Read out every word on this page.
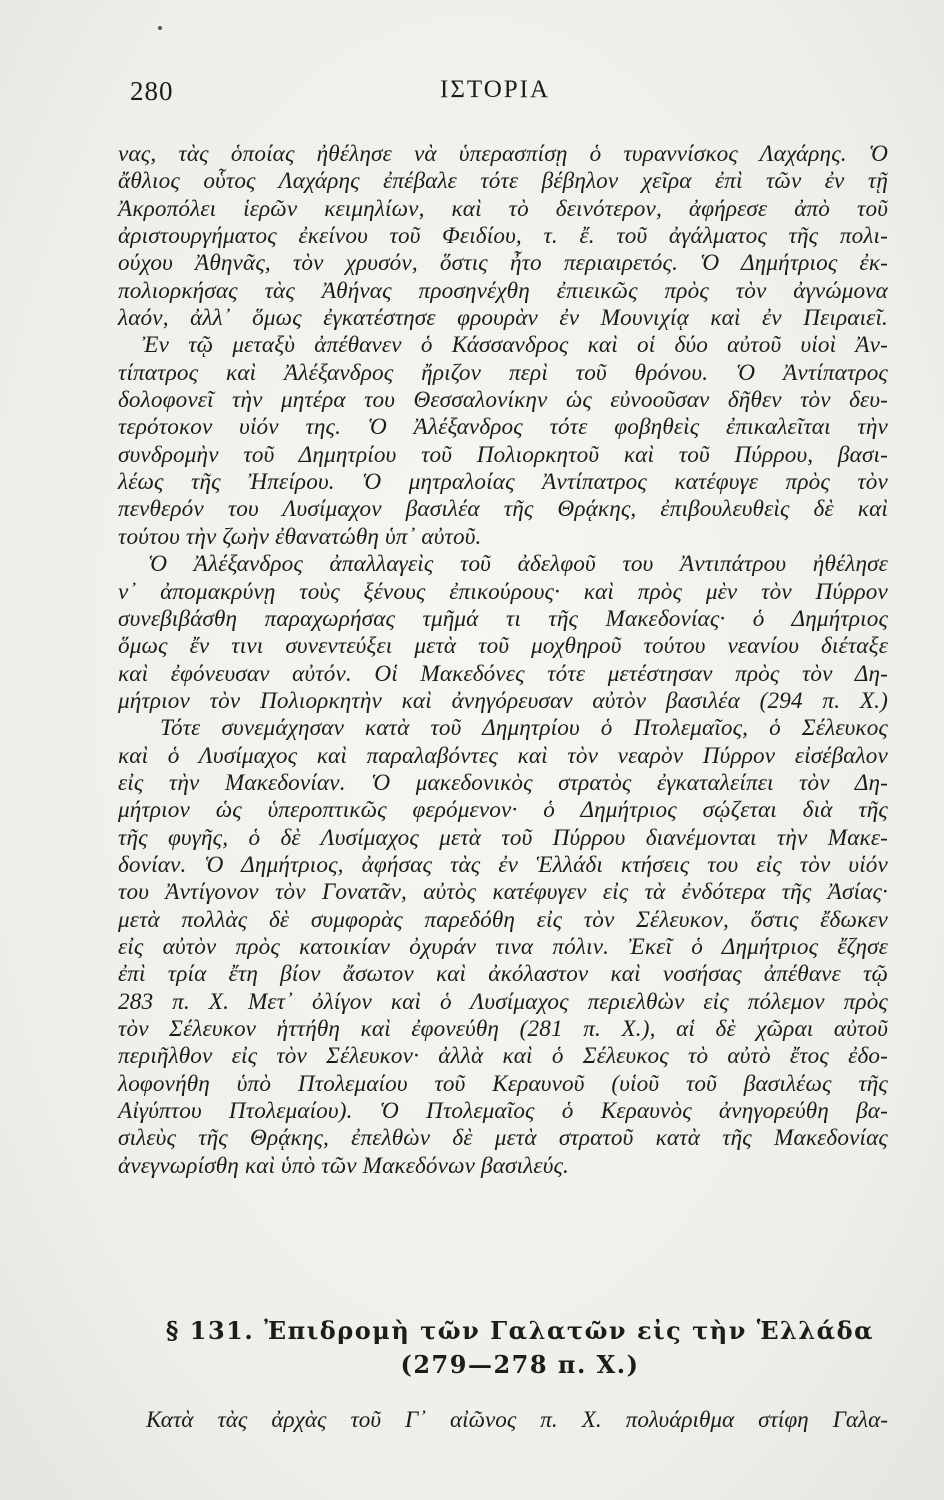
280	ΙΣΤΟΡΙΑ
νας, τὰς ὁποίας ἠθέλησε νὰ ὑπερασπίσῃ ὁ τυραννίσκος Λαχάρης. Ὁ
ἄθλιος οὗτος Λαχάρης ἐπέβαλε τότε βέβηλον χεῖρα ἐπὶ τῶν ἐν τῇ
Ἀκροπόλει ἱερῶν κειμηλίων, καὶ τὸ δεινότερον, ἀφήρεσε ἀπὸ τοῦ
ἀριστουργήματος ἐκείνου τοῦ Φειδίου, τ. ἔ. τοῦ ἀγάλματος τῆς πολι-
ούχου Ἀθηνᾶς, τὸν χρυσόν, ὅστις ἦτο περιαιρετός. Ὁ Δημήτριος ἐκ-
πολιορκήσας τὰς Ἀθήνας προσηνέχθη ἐπιεικῶς πρὸς τὸν ἀγνώμονα
λαόν, ἀλλ᾽ ὅμως ἐγκατέστησε φρουρὰν ἐν Μουνιχίᾳ καὶ ἐν Πειραιεῖ.
Ἐν τῷ μεταξὺ ἀπέθανεν ὁ Κάσσανδρος καὶ οἱ δύο αὐτοῦ υἱοὶ Ἀν-
τίπατρος καὶ Ἀλέξανδρος ἤριζον περὶ τοῦ θρόνου. Ὁ Ἀντίπατρος
δολοφονεῖ τὴν μητέρα του Θεσσαλονίκην ὡς εὐνοοῦσαν δῆθεν τὸν δευ-
τερότοκον υἱόν της. Ὁ Ἀλέξανδρος τότε φοβηθεὶς ἐπικαλεῖται τὴν
συνδρομὴν τοῦ Δημητρίου τοῦ Πολιορκητοῦ καὶ τοῦ Πύρρου, βασι-
λέως τῆς Ἠπείρου. Ὁ μητραλοίας Ἀντίπατρος κατέφυγε πρὸς τὸν
πενθερόν του Λυσίμαχον βασιλέα τῆς Θρᾴκης, ἐπιβουλευθεὶς δὲ καὶ
τούτου τὴν ζωὴν ἐθανατώθη ὑπ᾽ αὐτοῦ.
Ὁ Ἀλέξανδρος ἀπαλλαγεὶς τοῦ ἀδελφοῦ του Ἀντιπάτρου ἠθέλησε
ν᾽ ἀπομακρύνῃ τοὺς ξένους ἐπικούρους· καὶ πρὸς μὲν τὸν Πύρρον
συνεβιβάσθη παραχωρήσας τμῆμά τι τῆς Μακεδονίας· ὁ Δημήτριος
ὅμως ἔν τινι συνεντεύξει μετὰ τοῦ μοχθηροῦ τούτου νεανίου διέταξε
καὶ ἐφόνευσαν αὐτόν. Οἱ Μακεδόνες τότε μετέστησαν πρὸς τὸν Δη-
μήτριον τὸν Πολιορκητὴν καὶ ἀνηγόρευσαν αὐτὸν βασιλέα (294 π. Χ.)
Τότε συνεμάχησαν κατὰ τοῦ Δημητρίου ὁ Πτολεμαῖος, ὁ Σέλευκος
καὶ ὁ Λυσίμαχος καὶ παραλαβόντες καὶ τὸν νεαρὸν Πύρρον εἰσέβαλον
εἰς τὴν Μακεδονίαν. Ὁ μακεδονικὸς στρατὸς ἐγκαταλείπει τὸν Δη-
μήτριον ὡς ὑπεροπτικῶς φερόμενον· ὁ Δημήτριος σῴζεται διὰ τῆς
τῆς φυγῆς, ὁ δὲ Λυσίμαχος μετὰ τοῦ Πύρρου διανέμονται τὴν Μακε-
δονίαν. Ὁ Δημήτριος, ἀφήσας τὰς ἐν Ἑλλάδι κτήσεις του εἰς τὸν υἱόν
του Ἀντίγονον τὸν Γονατᾶν, αὐτὸς κατέφυγεν εἰς τὰ ἐνδότερα τῆς Ἀσίας·
μετὰ πολλὰς δὲ συμφορὰς παρεδόθη εἰς τὸν Σέλευκον, ὅστις ἔδωκεν
εἰς αὐτὸν πρὸς κατοικίαν ὀχυράν τινα πόλιν. Ἐκεῖ ὁ Δημήτριος ἔζησε
ἐπὶ τρία ἔτη βίον ἄσωτον καὶ ἀκόλαστον καὶ νοσήσας ἀπέθανε τῷ
283 π. Χ. Μετ᾽ ὀλίγον καὶ ὁ Λυσίμαχος περιελθὼν εἰς πόλεμον πρὸς
τὸν Σέλευκον ἡττήθη καὶ ἐφονεύθη (281 π. Χ.), αἱ δὲ χῶραι αὐτοῦ
περιῆλθον εἰς τὸν Σέλευκον· ἀλλὰ καὶ ὁ Σέλευκος τὸ αὐτὸ ἔτος ἐδο-
λοφονήθη ὑπὸ Πτολεμαίου τοῦ Κεραυνοῦ (υἱοῦ τοῦ βασιλέως τῆς
Αἰγύπτου Πτολεμαίου). Ὁ Πτολεμαῖος ὁ Κεραυνὸς ἀνηγορεύθη βα-
σιλεὺς τῆς Θρᾴκης, ἐπελθὼν δὲ μετὰ στρατοῦ κατὰ τῆς Μακεδονίας
ἀνεγνωρίσθη καὶ ὑπὸ τῶν Μακεδόνων βασιλεύς.
§ 131. Ἐπιδρομὴ τῶν Γαλατῶν εἰς τὴν Ἑλλάδα
(279—278 π. Χ.)
Κατὰ τὰς ἀρχὰς τοῦ Γ᾽ αἰῶνος π. Χ. πολυάριθμα στίφη Γαλα-
